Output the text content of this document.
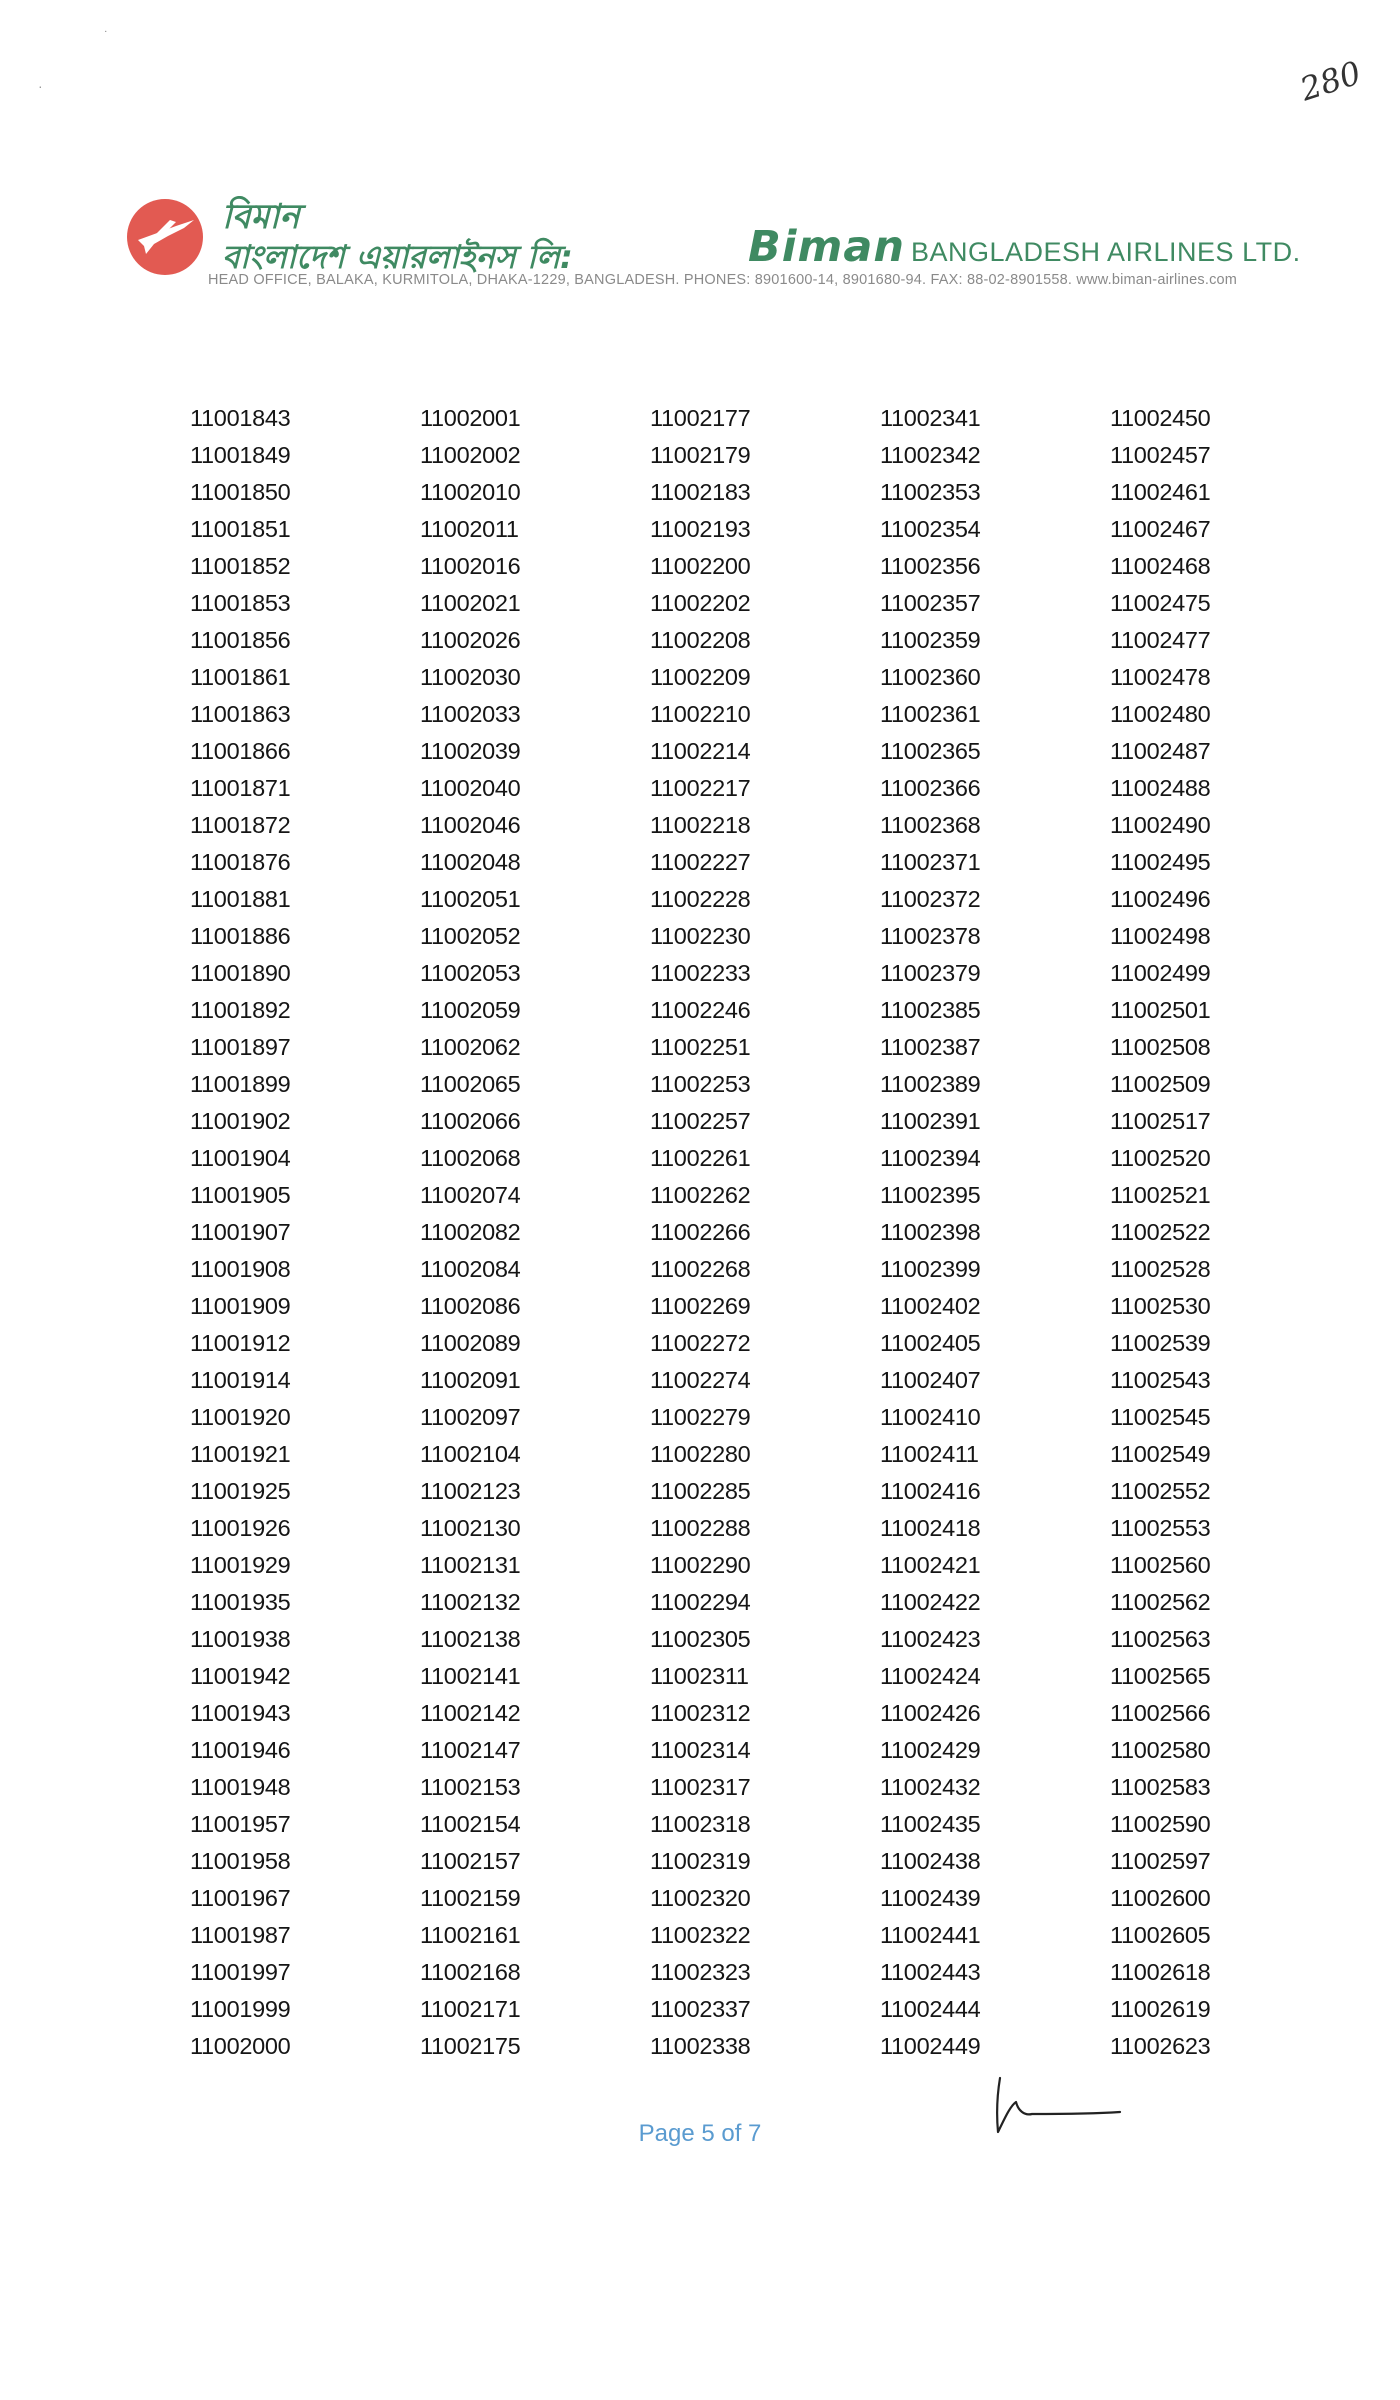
˙
·	280
বিমান
বাংলাদেশ এয়ারলাইনস লি:	Biman BANGLADESH AIRLINES LTD.
HEAD OFFICE, BALAKA, KURMITOLA, DHAKA-1229, BANGLADESH. PHONES: 8901600-14, 8901680-94. FAX: 88-02-8901558. www.biman-airlines.com
11001843
11001849
11001850
11001851
11001852
11001853
11001856
11001861
11001863
11001866
11001871
11001872
11001876
11001881
11001886
11001890
11001892
11001897
11001899
11001902
11001904
11001905
11001907
11001908
11001909
11001912
11001914
11001920
11001921
11001925
11001926
11001929
11001935
11001938
11001942
11001943
11001946
11001948
11001957
11001958
11001967
11001987
11001997
11001999
11002000
11002001
11002002
11002010
11002011
11002016
11002021
11002026
11002030
11002033
11002039
11002040
11002046
11002048
11002051
11002052
11002053
11002059
11002062
11002065
11002066
11002068
11002074
11002082
11002084
11002086
11002089
11002091
11002097
11002104
11002123
11002130
11002131
11002132
11002138
11002141
11002142
11002147
11002153
11002154
11002157
11002159
11002161
11002168
11002171
11002175
11002177
11002179
11002183
11002193
11002200
11002202
11002208
11002209
11002210
11002214
11002217
11002218
11002227
11002228
11002230
11002233
11002246
11002251
11002253
11002257
11002261
11002262
11002266
11002268
11002269
11002272
11002274
11002279
11002280
11002285
11002288
11002290
11002294
11002305
11002311
11002312
11002314
11002317
11002318
11002319
11002320
11002322
11002323
11002337
11002338
11002341
11002342
11002353
11002354
11002356
11002357
11002359
11002360
11002361
11002365
11002366
11002368
11002371
11002372
11002378
11002379
11002385
11002387
11002389
11002391
11002394
11002395
11002398
11002399
11002402
11002405
11002407
11002410
11002411
11002416
11002418
11002421
11002422
11002423
11002424
11002426
11002429
11002432
11002435
11002438
11002439
11002441
11002443
11002444
11002449
11002450
11002457
11002461
11002467
11002468
11002475
11002477
11002478
11002480
11002487
11002488
11002490
11002495
11002496
11002498
11002499
11002501
11002508
11002509
11002517
11002520
11002521
11002522
11002528
11002530
11002539
11002543
11002545
11002549
11002552
11002553
11002560
11002562
11002563
11002565
11002566
11002580
11002583
11002590
11002597
11002600
11002605
11002618
11002619
11002623
Page 5 of 7
